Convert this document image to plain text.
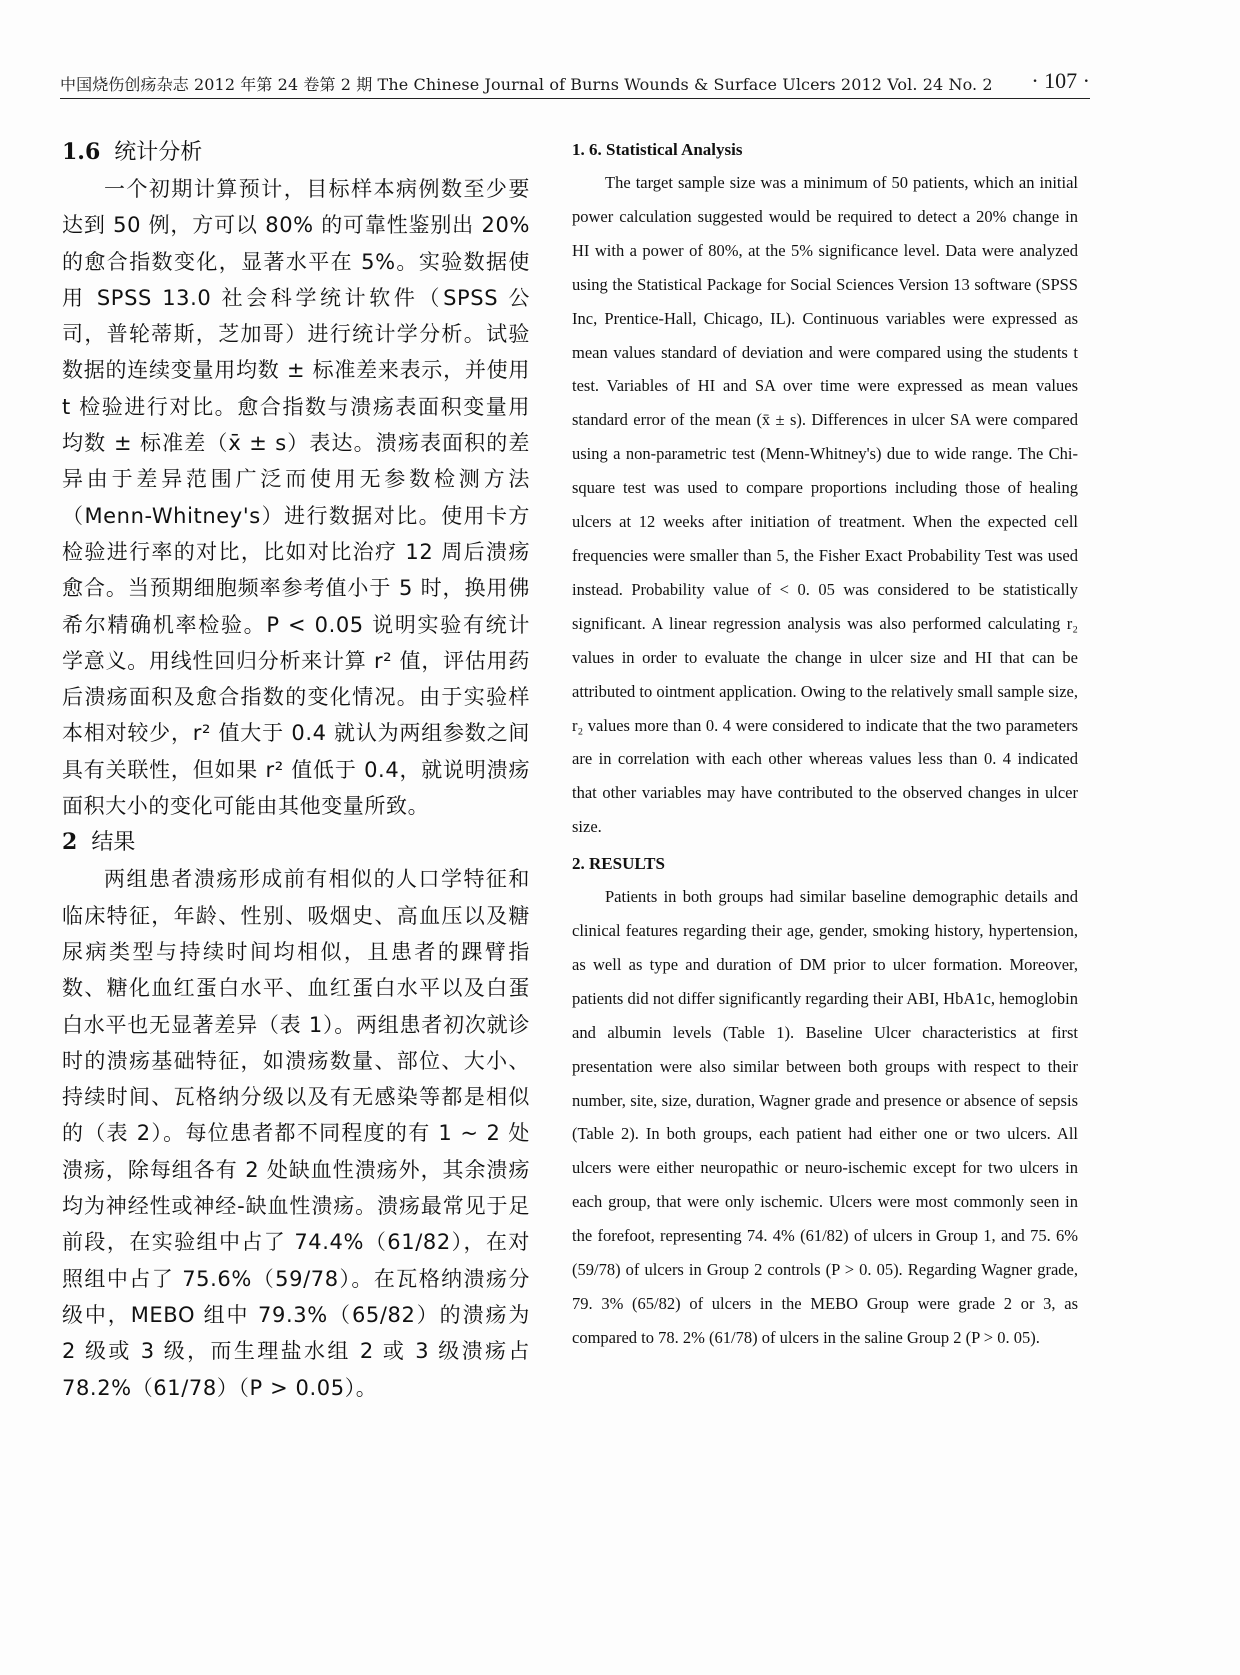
中国烧伤创疡杂志 2012 年第 24 卷第 2 期 The Chinese Journal of Burns Wounds & Surface Ulcers 2012 Vol. 24 No. 2 · 107 ·
1.6 统计分析

一个初期计算预计，目标样本病例数至少要达到 50 例，方可以 80% 的可靠性鉴别出 20% 的愈合指数变化，显著水平在 5%。实验数据使用 SPSS 13.0 社会科学统计软件（SPSS 公司，普轮蒂斯，芝加哥）进行统计学分析。试验数据的连续变量用均数 ± 标准差来表示，并使用 t 检验进行对比。愈合指数与溃疡表面积变量用均数 ± 标准差（x̄ ± s）表达。溃疡表面积的差异由于差异范围广泛而使用无参数检测方法（Menn-Whitney's）进行数据对比。使用卡方检验进行率的对比，比如对比治疗 12 周后溃疡愈合。当预期细胞频率参考值小于 5 时，换用佛希尔精确机率检验。P < 0.05 说明实验有统计学意义。用线性回归分析来计算 r² 值，评估用药后溃疡面积及愈合指数的变化情况。由于实验样本相对较少，r² 值大于 0.4 就认为两组参数之间具有关联性，但如果 r² 值低于 0.4，就说明溃疡面积大小的变化可能由其他变量所致。

2 结果

两组患者溃疡形成前有相似的人口学特征和临床特征，年龄、性别、吸烟史、高血压以及糖尿病类型与持续时间均相似，且患者的踝臂指数、糖化血红蛋白水平、血红蛋白水平以及白蛋白水平也无显著差异（表 1）。两组患者初次就诊时的溃疡基础特征，如溃疡数量、部位、大小、持续时间、瓦格纳分级以及有无感染等都是相似的（表 2）。每位患者都不同程度的有 1 ~ 2 处溃疡，除每组各有 2 处缺血性溃疡外，其余溃疡均为神经性或神经-缺血性溃疡。溃疡最常见于足前段，在实验组中占了 74.4%（61/82），在对照组中占了 75.6%（59/78）。在瓦格纳溃疡分级中，MEBO 组中 79.3%（65/82）的溃疡为 2 级或 3 级，而生理盐水组 2 或 3 级溃疡占 78.2%（61/78）（P > 0.05）。

1. 6. Statistical Analysis

The target sample size was a minimum of 50 patients, which an initial power calculation suggested would be required to detect a 20% change in HI with a power of 80%, at the 5% significance level. Data were analyzed using the Statistical Package for Social Sciences Version 13 software (SPSS Inc, Prentice-Hall, Chicago, IL). Continuous variables were expressed as mean values standard of deviation and were compared using the students t test. Variables of HI and SA over time were expressed as mean values standard error of the mean (x̄ ± s). Differences in ulcer SA were compared using a non-parametric test (Menn-Whitney's) due to wide range. The Chi-square test was used to compare proportions including those of healing ulcers at 12 weeks after initiation of treatment. When the expected cell frequencies were smaller than 5, the Fisher Exact Probability Test was used instead. Probability value of < 0. 05 was considered to be statistically significant. A linear regression analysis was also performed calculating r₂ values in order to evaluate the change in ulcer size and HI that can be attributed to ointment application. Owing to the relatively small sample size, r₂ values more than 0. 4 were considered to indicate that the two parameters are in correlation with each other whereas values less than 0. 4 indicated that other variables may have contributed to the observed changes in ulcer size.

2. RESULTS

Patients in both groups had similar baseline demographic details and clinical features regarding their age, gender, smoking history, hypertension, as well as type and duration of DM prior to ulcer formation. Moreover, patients did not differ significantly regarding their ABI, HbA1c, hemoglobin and albumin levels (Table 1). Baseline Ulcer characteristics at first presentation were also similar between both groups with respect to their number, site, size, duration, Wagner grade and presence or absence of sepsis (Table 2). In both groups, each patient had either one or two ulcers. All ulcers were either neuropathic or neuro-ischemic except for two ulcers in each group, that were only ischemic. Ulcers were most commonly seen in the forefoot, representing 74. 4% (61/82) of ulcers in Group 1, and 75. 6% (59/78) of ulcers in Group 2 controls (P > 0. 05). Regarding Wagner grade, 79. 3% (65/82) of ulcers in the MEBO Group were grade 2 or 3, as compared to 78. 2% (61/78) of ulcers in the saline Group 2 (P > 0. 05).
